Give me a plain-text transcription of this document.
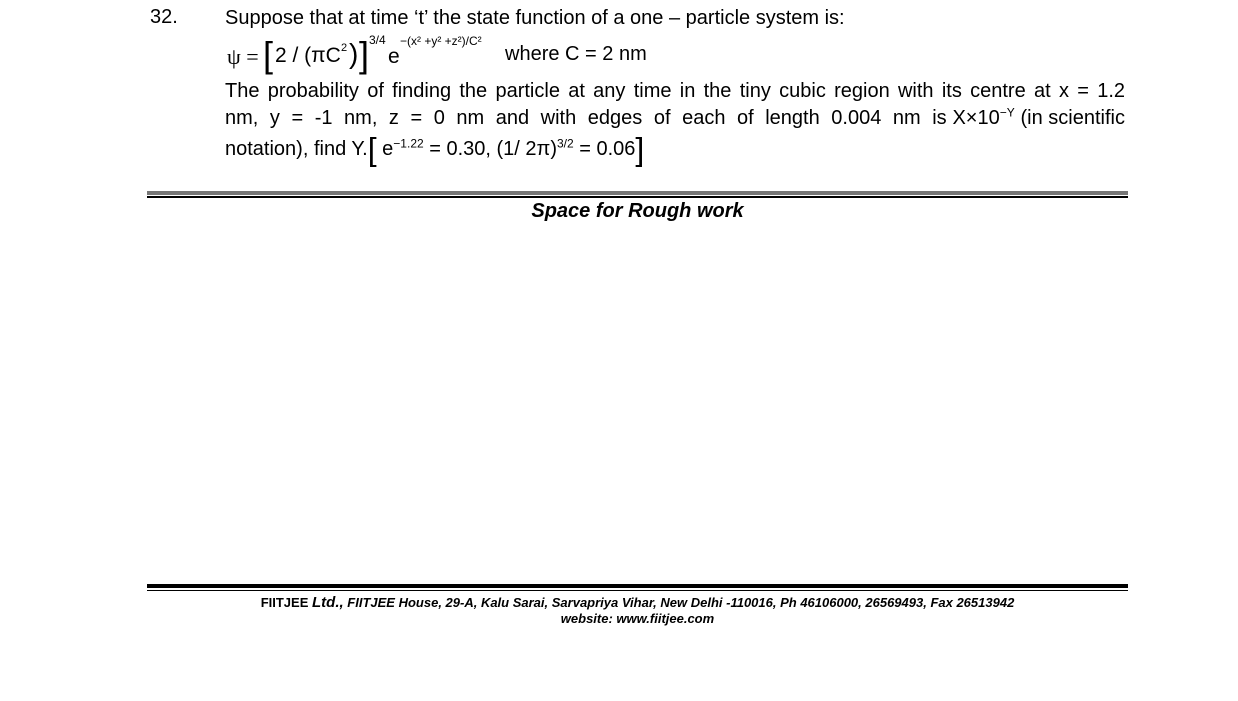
32. Suppose that at time ‘t’ the state function of a one – particle system is:
ψ = [ 2 / (πC 2 ) ] 3/4
e
−(x² +y² +z²)/C²
where C = 2 nm
The probability of finding the particle at any time in the tiny cubic region with its centre at x = 1.2
nm, y = -1 nm, z = 0 nm and with edges of each of length 0.004 nm is $X\times 10^{-Y}$ (in scientific
notation), find Y.[ $e^{-1.22} = 0.30$, (1/ 2π)$^{3/2}$ = 0.06]
Space for Rough work
FIITJEE Ltd., FIITJEE House, 29-A, Kalu Sarai, Sarvapriya Vihar, New Delhi -110016, Ph 46106000, 26569493, Fax 26513942
website: www.fiitjee.com
